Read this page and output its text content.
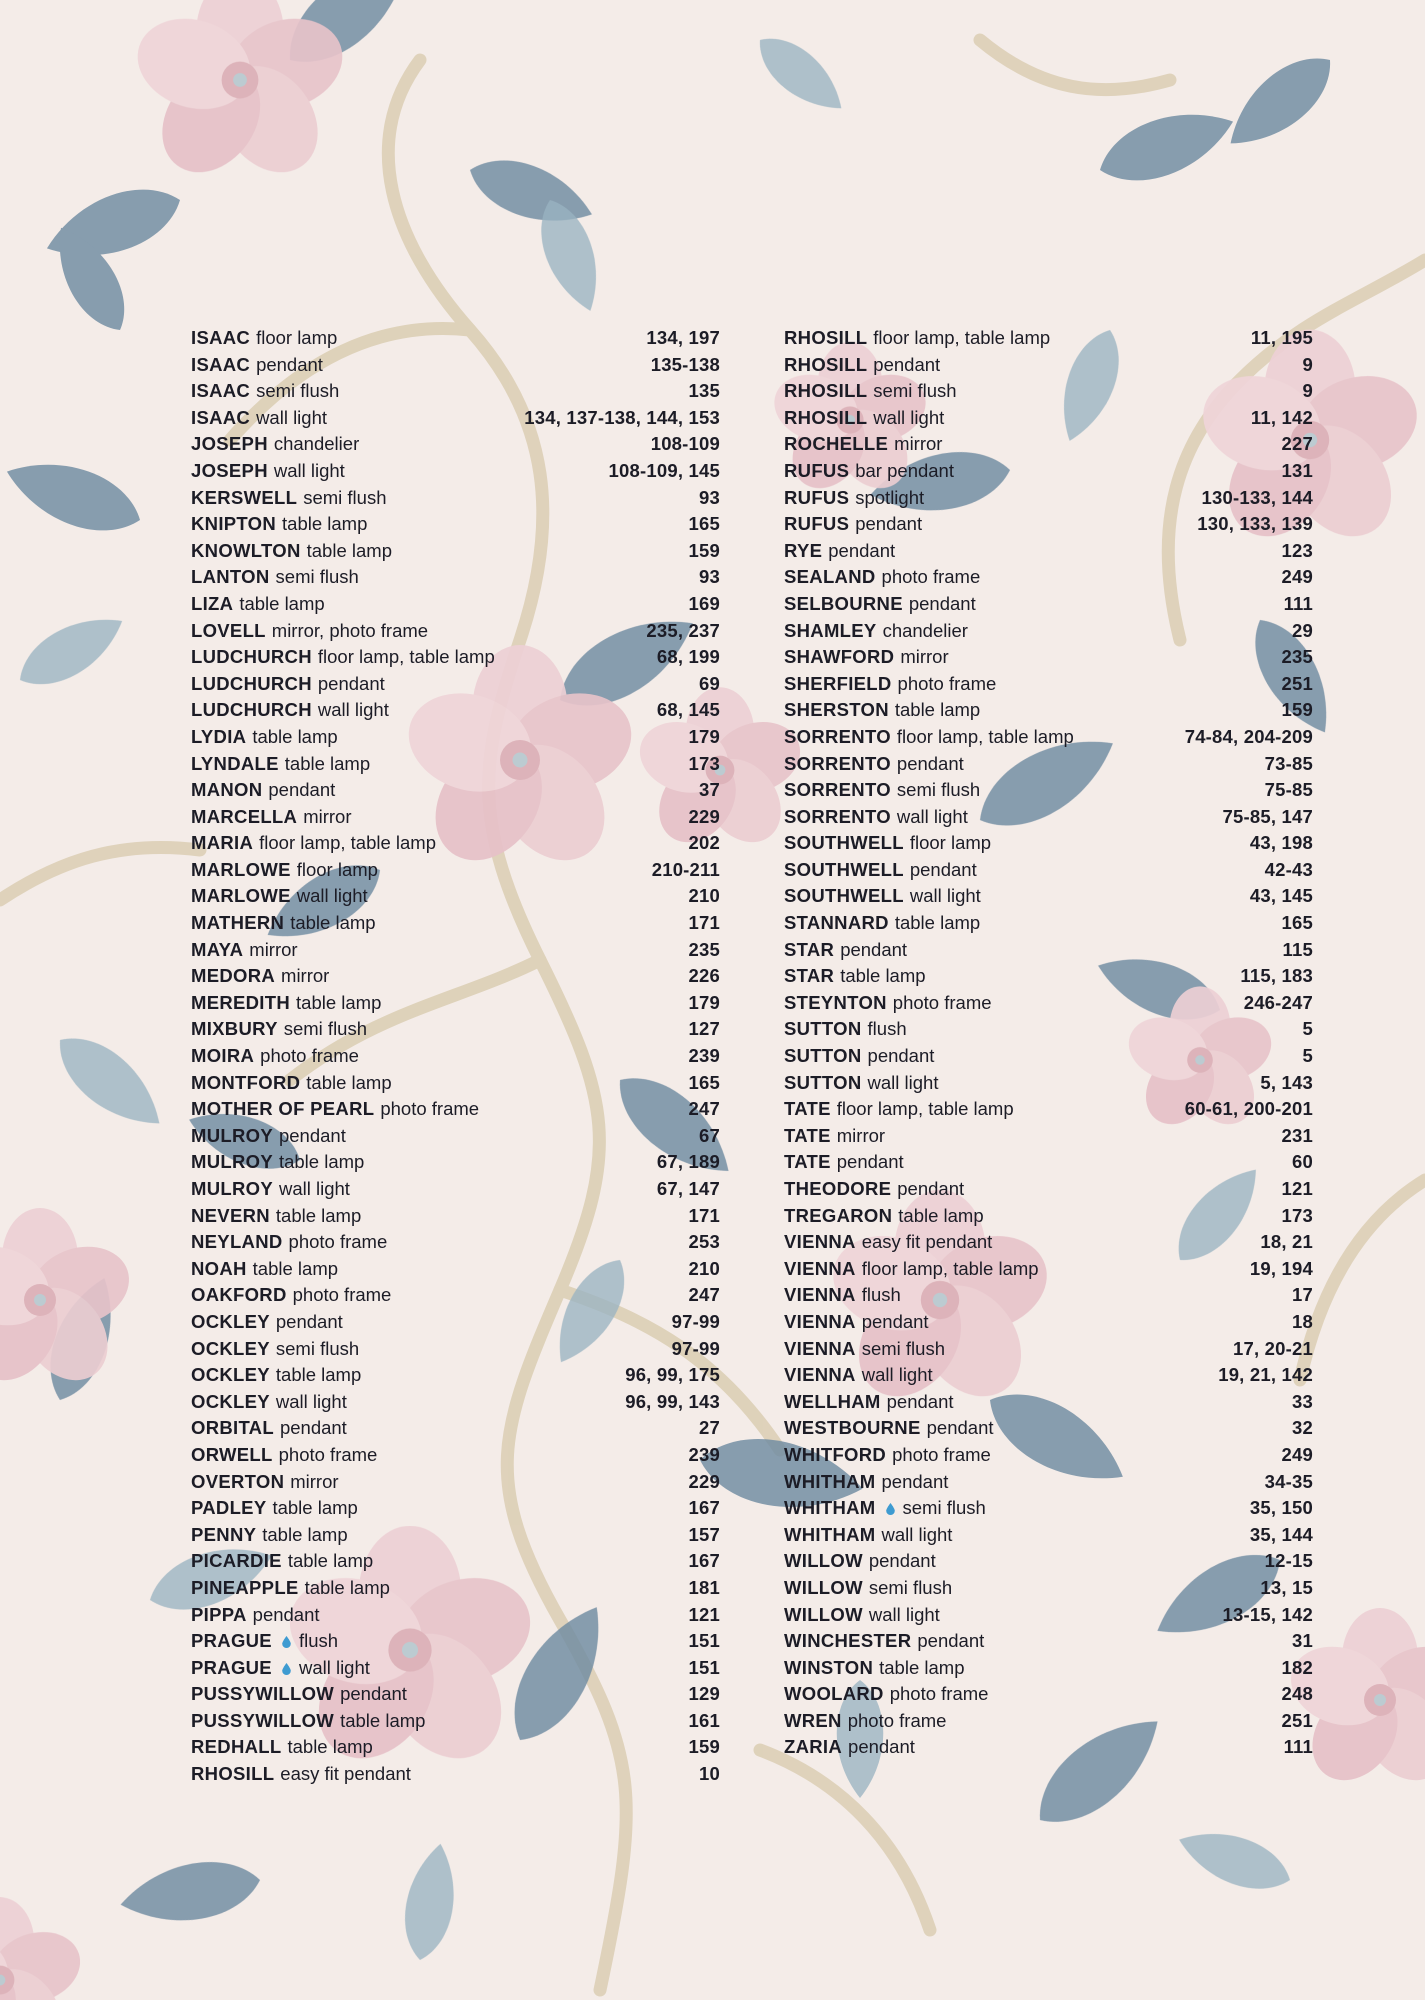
ISAAC floor lamp	134, 197
ISAAC pendant	135-138
ISAAC semi flush	135
ISAAC wall light	134, 137-138, 144, 153
JOSEPH chandelier	108-109
JOSEPH wall light	108-109, 145
KERSWELL semi flush	93
KNIPTON table lamp	165
KNOWLTON table lamp	159
LANTON semi flush	93
LIZA table lamp	169
LOVELL mirror, photo frame	235, 237
LUDCHURCH floor lamp, table lamp	68, 199
LUDCHURCH pendant	69
LUDCHURCH wall light	68, 145
LYDIA table lamp	179
LYNDALE table lamp	173
MANON pendant	37
MARCELLA mirror	229
MARIA floor lamp, table lamp	202
MARLOWE floor lamp	210-211
MARLOWE wall light	210
MATHERN table lamp	171
MAYA mirror	235
MEDORA mirror	226
MEREDITH table lamp	179
MIXBURY semi flush	127
MOIRA photo frame	239
MONTFORD table lamp	165
MOTHER OF PEARL photo frame	247
MULROY pendant	67
MULROY table lamp	67, 189
MULROY wall light	67, 147
NEVERN table lamp	171
NEYLAND photo frame	253
NOAH table lamp	210
OAKFORD photo frame	247
OCKLEY pendant	97-99
OCKLEY semi flush	97-99
OCKLEY table lamp	96, 99, 175
OCKLEY wall light	96, 99, 143
ORBITAL pendant	27
ORWELL photo frame	239
OVERTON mirror	229
PADLEY table lamp	167
PENNY table lamp	157
PICARDIE table lamp	167
PINEAPPLE table lamp	181
PIPPA pendant	121
PRAGUE flush	151
PRAGUE wall light	151
PUSSYWILLOW pendant	129
PUSSYWILLOW table lamp	161
REDHALL table lamp	159
RHOSILL easy fit pendant	10
RHOSILL floor lamp, table lamp	11, 195
RHOSILL pendant	9
RHOSILL semi flush	9
RHOSILL wall light	11, 142
ROCHELLE mirror	227
RUFUS bar pendant	131
RUFUS spotlight	130-133, 144
RUFUS pendant	130, 133, 139
RYE pendant	123
SEALAND photo frame	249
SELBOURNE pendant	111
SHAMLEY chandelier	29
SHAWFORD mirror	235
SHERFIELD photo frame	251
SHERSTON table lamp	159
SORRENTO floor lamp, table lamp	74-84, 204-209
SORRENTO pendant	73-85
SORRENTO semi flush	75-85
SORRENTO wall light	75-85, 147
SOUTHWELL floor lamp	43, 198
SOUTHWELL pendant	42-43
SOUTHWELL wall light	43, 145
STANNARD table lamp	165
STAR pendant	115
STAR table lamp	115, 183
STEYNTON photo frame	246-247
SUTTON flush	5
SUTTON pendant	5
SUTTON wall light	5, 143
TATE floor lamp, table lamp	60-61, 200-201
TATE mirror	231
TATE pendant	60
THEODORE pendant	121
TREGARON table lamp	173
VIENNA easy fit pendant	18, 21
VIENNA floor lamp, table lamp	19, 194
VIENNA flush	17
VIENNA pendant	18
VIENNA semi flush	17, 20-21
VIENNA wall light	19, 21, 142
WELLHAM pendant	33
WESTBOURNE pendant	32
WHITFORD photo frame	249
WHITHAM pendant	34-35
WHITHAM semi flush	35, 150
WHITHAM wall light	35, 144
WILLOW pendant	12-15
WILLOW semi flush	13, 15
WILLOW wall light	13-15, 142
WINCHESTER pendant	31
WINSTON table lamp	182
WOOLARD photo frame	248
WREN photo frame	251
ZARIA pendant	111
